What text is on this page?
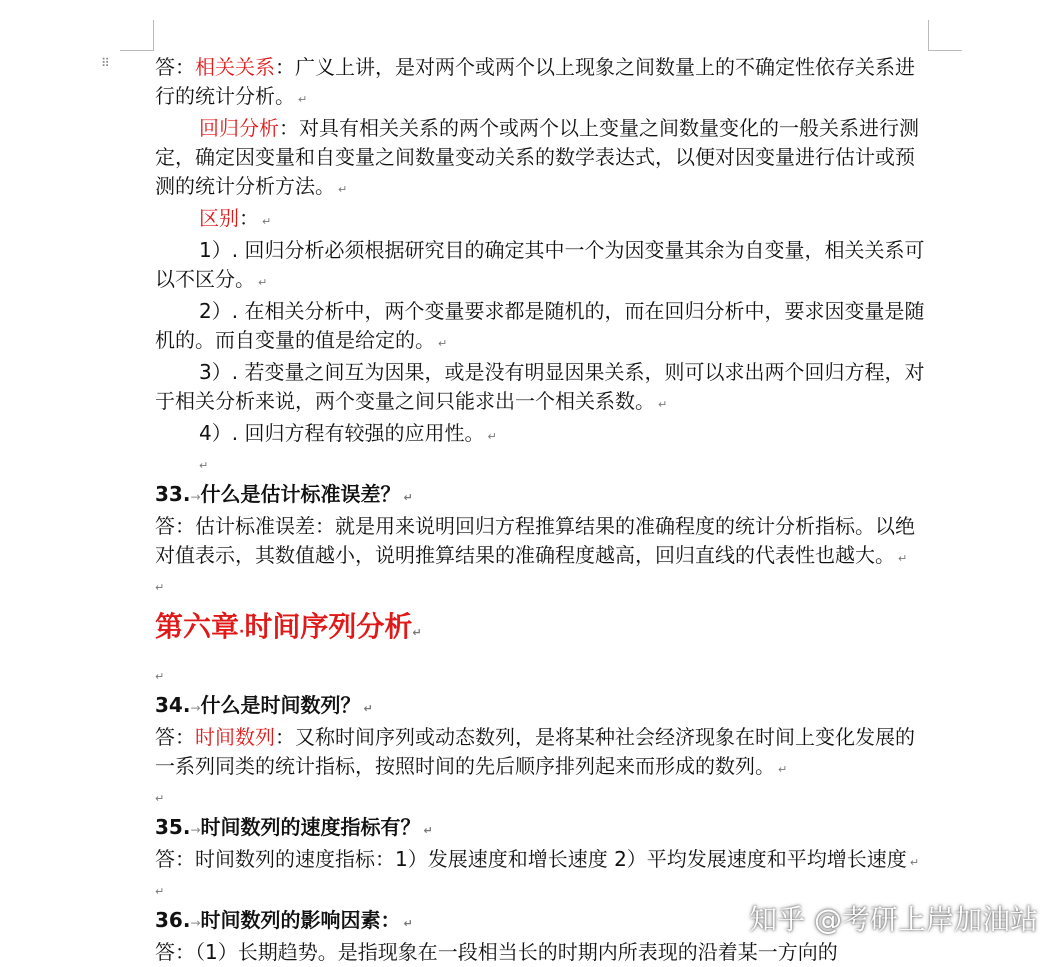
⠿ 答：相关关系：广义上讲，是对两个或两个以上现象之间数量上的不确定性依存关系进行的统计分析。 ↵

回归分析：对具有相关关系的两个或两个以上变量之间数量变化的一般关系进行测定，确定因变量和自变量之间数量变动关系的数学表达式，以便对因变量进行估计或预测的统计分析方法。 ↵

区别： ↵

1）. 回归分析必须根据研究目的确定其中一个为因变量其余为自变量，相关关系可以不区分。 ↵

2）. 在相关分析中，两个变量要求都是随机的，而在回归分析中，要求因变量是随机的。而自变量的值是给定的。 ↵

3）. 若变量之间互为因果，或是没有明显因果关系，则可以求出两个回归方程，对于相关分析来说，两个变量之间只能求出一个相关系数。 ↵

4）. 回归方程有较强的应用性。 ↵

↵

33.→什么是估计标准误差？ ↵

答：估计标准误差：就是用来说明回归方程推算结果的准确程度的统计分析指标。以绝对值表示，其数值越小，说明推算结果的准确程度越高，回归直线的代表性也越大。 ↵

↵
第六章·时间序列分析↵
↵

34.→什么是时间数列？ ↵

答：时间数列：又称时间序列或动态数列，是将某种社会经济现象在时间上变化发展的一系列同类的统计指标，按照时间的先后顺序排列起来而形成的数列。 ↵

↵

35.→时间数列的速度指标有？ ↵

答：时间数列的速度指标：1）发展速度和增长速度 2）平均发展速度和平均增长速度 ↵

↵

36.→时间数列的影响因素： ↵

答：（1）长期趋势。是指现象在一段相当长的时期内所表现的沿着某一方向的

知乎 @考研上岸加油站
